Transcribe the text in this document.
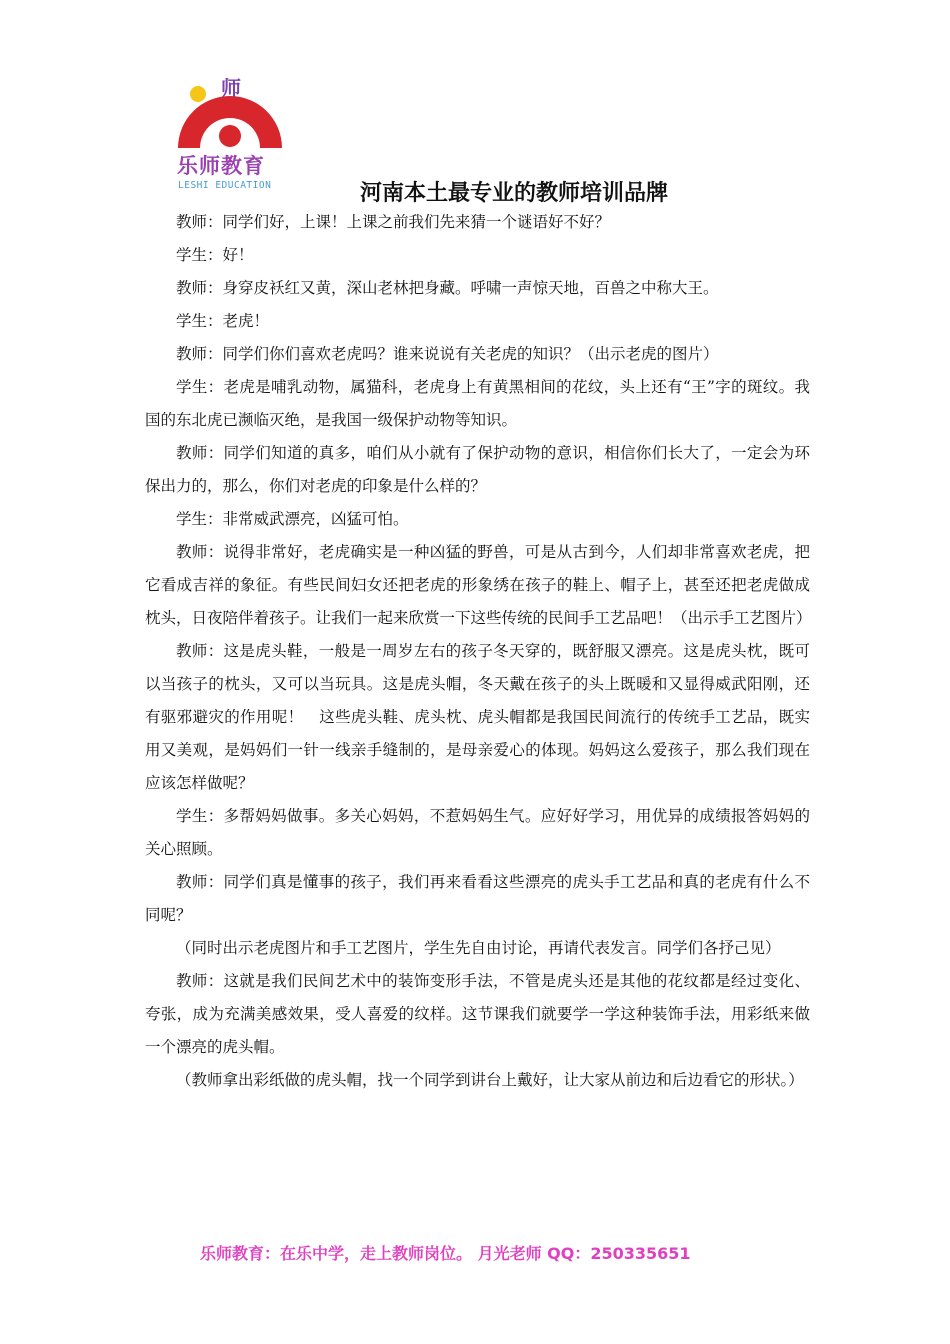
师
乐师教育
LESHI EDUCATION	河南本土最专业的教师培训品牌

教师：同学们好，上课！上课之前我们先来猜一个谜语好不好？

学生：好！

教师：身穿皮袄红又黄，深山老林把身藏。呼啸一声惊天地，百兽之中称大王。

学生：老虎！

教师：同学们你们喜欢老虎吗？谁来说说有关老虎的知识？（出示老虎的图片）

学生：老虎是哺乳动物，属猫科，老虎身上有黄黑相间的花纹，头上还有“王”字的斑纹。我国的东北虎已濒临灭绝，是我国一级保护动物等知识。

教师：同学们知道的真多，咱们从小就有了保护动物的意识，相信你们长大了，一定会为环保出力的，那么，你们对老虎的印象是什么样的？

学生：非常威武漂亮，凶猛可怕。

教师：说得非常好，老虎确实是一种凶猛的野兽，可是从古到今，人们却非常喜欢老虎，把它看成吉祥的象征。有些民间妇女还把老虎的形象绣在孩子的鞋上、帽子上，甚至还把老虎做成枕头，日夜陪伴着孩子。让我们一起来欣赏一下这些传统的民间手工艺品吧！（出示手工艺图片）

教师：这是虎头鞋，一般是一周岁左右的孩子冬天穿的，既舒服又漂亮。这是虎头枕，既可以当孩子的枕头，又可以当玩具。这是虎头帽，冬天戴在孩子的头上既暖和又显得威武阳刚，还有驱邪避灾的作用呢！　这些虎头鞋、虎头枕、虎头帽都是我国民间流行的传统手工艺品，既实用又美观，是妈妈们一针一线亲手缝制的，是母亲爱心的体现。妈妈这么爱孩子，那么我们现在应该怎样做呢？

学生：多帮妈妈做事。多关心妈妈，不惹妈妈生气。应好好学习，用优异的成绩报答妈妈的关心照顾。

教师：同学们真是懂事的孩子，我们再来看看这些漂亮的虎头手工艺品和真的老虎有什么不同呢？

（同时出示老虎图片和手工艺图片，学生先自由讨论，再请代表发言。同学们各抒己见）

教师：这就是我们民间艺术中的装饰变形手法，不管是虎头还是其他的花纹都是经过变化、夸张，成为充满美感效果，受人喜爱的纹样。这节课我们就要学一学这种装饰手法，用彩纸来做一个漂亮的虎头帽。

（教师拿出彩纸做的虎头帽，找一个同学到讲台上戴好，让大家从前边和后边看它的形状。）

乐师教育：在乐中学，走上教师岗位。 月光老师 QQ：250335651
